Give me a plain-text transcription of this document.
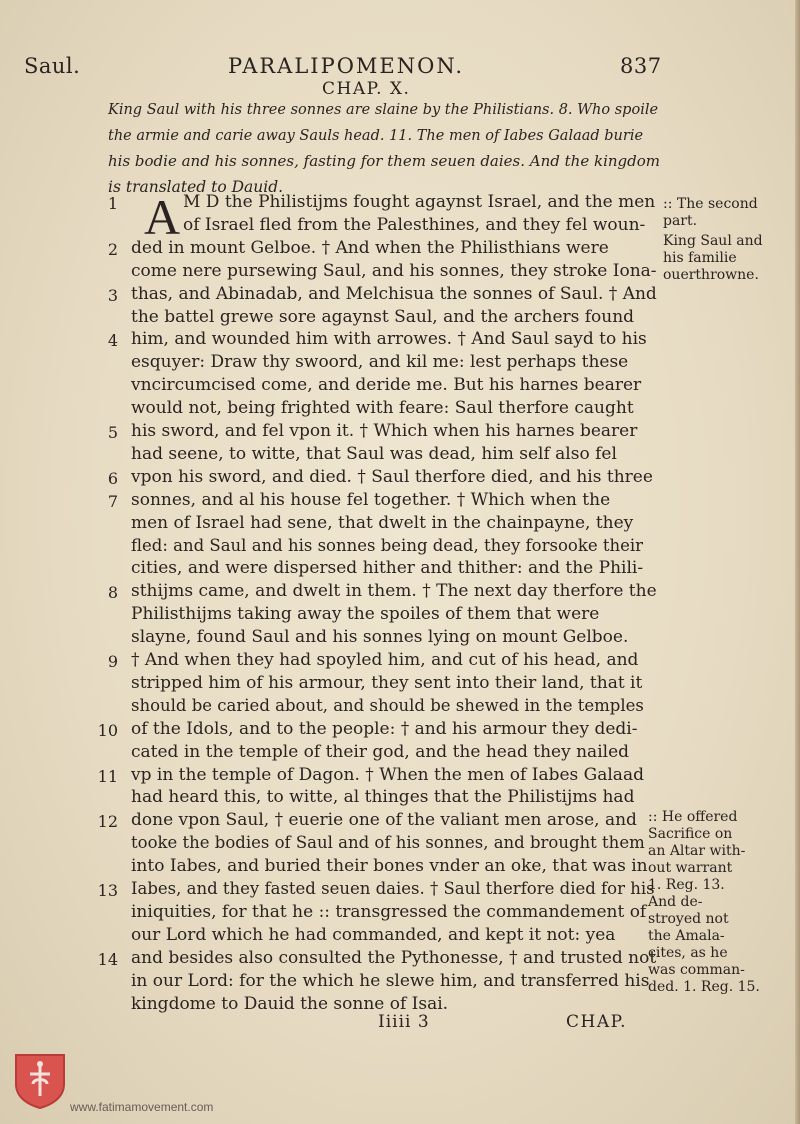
Saul.	PARALIPOMENON.	837
CHAP. X.
King Saul with his three sonnes are slaine by the Philistians. 8. Who spoile
the armie and carie away Sauls head. 11. The men of Iabes Galaad burie
his bodie and his sonnes, fasting for them seuen daies. And the kingdom
is translated to Dauid.
A
1	M D the Philistijms fought agaynst Israel, and the men
of Israel fled from the Palesthines, and they fel woun-
2 ded in mount Gelboe. † And when the Philisthians were
come nere pursewing Saul, and his sonnes, they stroke Iona-
3 thas, and Abinadab, and Melchisua the sonnes of Saul. † And
the battel grewe sore agaynst Saul, and the archers found
4 him, and wounded him with arrowes. † And Saul sayd to his
esquyer: Draw thy swoord, and kil me: lest perhaps these
vncircumcised come, and deride me. But his harnes bearer
would not, being frighted with feare: Saul therfore caught
5 his sword, and fel vpon it. † Which when his harnes bearer
had seene, to witte, that Saul was dead, him self also fel
6 vpon his sword, and died. † Saul therfore died, and his three
7 sonnes, and al his house fel together. † Which when the
men of Israel had sene, that dwelt in the chainpayne, they
fled: and Saul and his sonnes being dead, they forsooke their
cities, and were dispersed hither and thither: and the Phili-
8 sthijms came, and dwelt in them. † The next day therfore the
Philisthijms taking away the spoiles of them that were
slayne, found Saul and his sonnes lying on mount Gelboe.
9 † And when they had spoyled him, and cut of his head, and
stripped him of his armour, they sent into their land, that it
should be caried about, and should be shewed in the temples
10 of the Idols, and to the people: † and his armour they dedi-
cated in the temple of their god, and the head they nailed
11 vp in the temple of Dagon. † When the men of Iabes Galaad
had heard this, to witte, al thinges that the Philistijms had
12 done vpon Saul, † euerie one of the valiant men arose, and
tooke the bodies of Saul and of his sonnes, and brought them
into Iabes, and buried their bones vnder an oke, that was in
13 Iabes, and they fasted seuen daies. † Saul therfore died for his
iniquities, for that he :: transgressed the commandement of
our Lord which he had commanded, and kept it not: yea
14 and besides also consulted the Pythonesse, † and trusted not
in our Lord: for the which he slewe him, and transferred his
kingdome to Dauid the sonne of Isai.
:: The second
part.
King Saul and
his familie
ouerthrowne.
:: He offered
Sacrifice on
an Altar with-
out warrant
1. Reg. 13.
And de-
stroyed not
the Amala-
cites, as he
was comman-
ded. 1. Reg. 15.
Iiiii 3	CHAP.
www.fatimamovement.com
